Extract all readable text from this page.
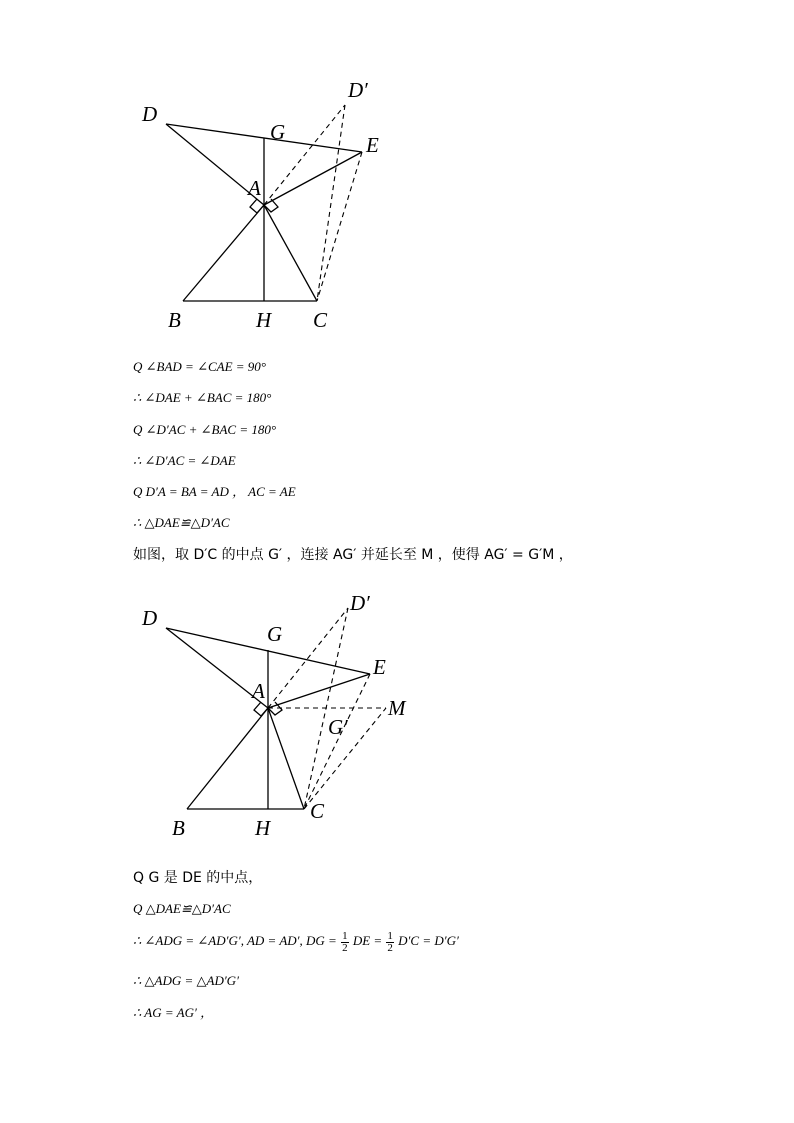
D
G
D′
E
A
B	H C
Q ∠BAD = ∠CAE = 90°
∴ ∠DAE + ∠BAC = 180°
Q ∠D′AC + ∠BAC = 180°
∴ ∠D′AC = ∠DAE
Q D′A = BA = AD ， AC = AE
∴ △DAE≌△D′AC
如图，取 D′C 的中点 G′ ，连接 AG′ 并延长至 M ，使得 AG′ = G′M ，
D
G
D′
E
A
M
G′
B	H
C
Q G 是 DE 的中点，
Q △DAE≌△D′AC
∴ ∠ADG = ∠AD′G′, AD = AD′, DG = $\frac{1}{2}$ DE = $\frac{1}{2} D'C = D'G'$
∴ △ADG = △AD′G′
∴ AG = AG′ ，
